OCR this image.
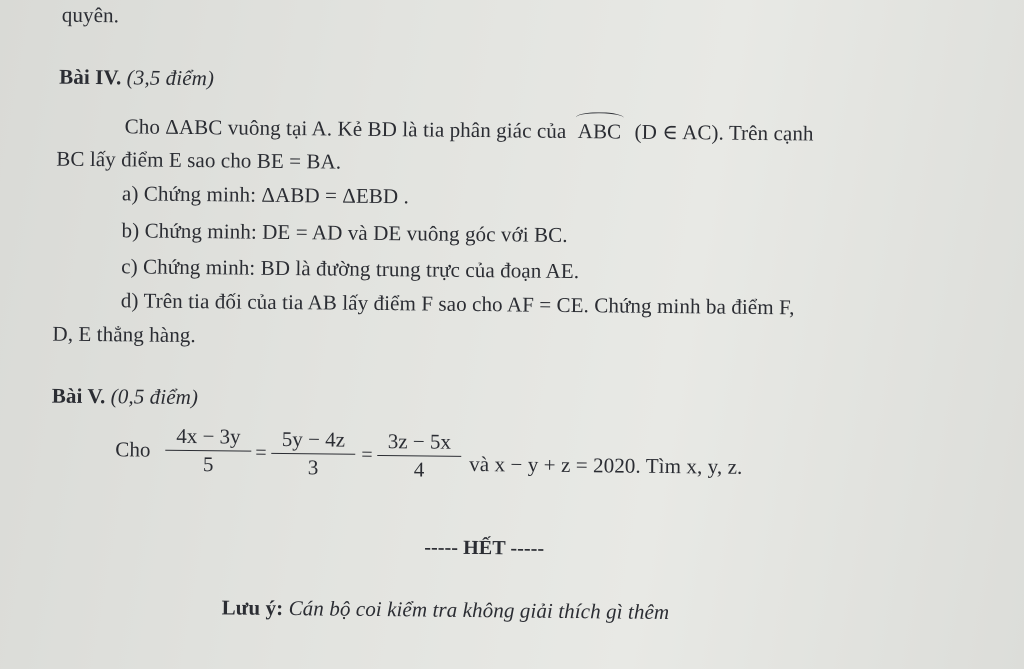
quyên.
Bài IV. (3,5 điểm)
Cho ΔABC vuông tại A. Kẻ BD là tia phân giác của ABC (D ∈ AC). Trên cạnh
BC lấy điểm E sao cho BE = BA.
a) Chứng minh: ΔABD = ΔEBD .
b) Chứng minh: DE = AD và DE vuông góc với BC.
c) Chứng minh: BD là đường trung trực của đoạn AE.
d) Trên tia đối của tia AB lấy điểm F sao cho AF = CE. Chứng minh ba điểm F,
D, E thẳng hàng.
Bài V. (0,5 điểm)
Cho $\frac{4x - 3y}{5} = \frac{5y - 4z}{3} = \frac{3z - 5x}{4}$ và x − y + z = 2020. Tìm x, y, z.
----- HẾT -----
Lưu ý: Cán bộ coi kiểm tra không giải thích gì thêm
